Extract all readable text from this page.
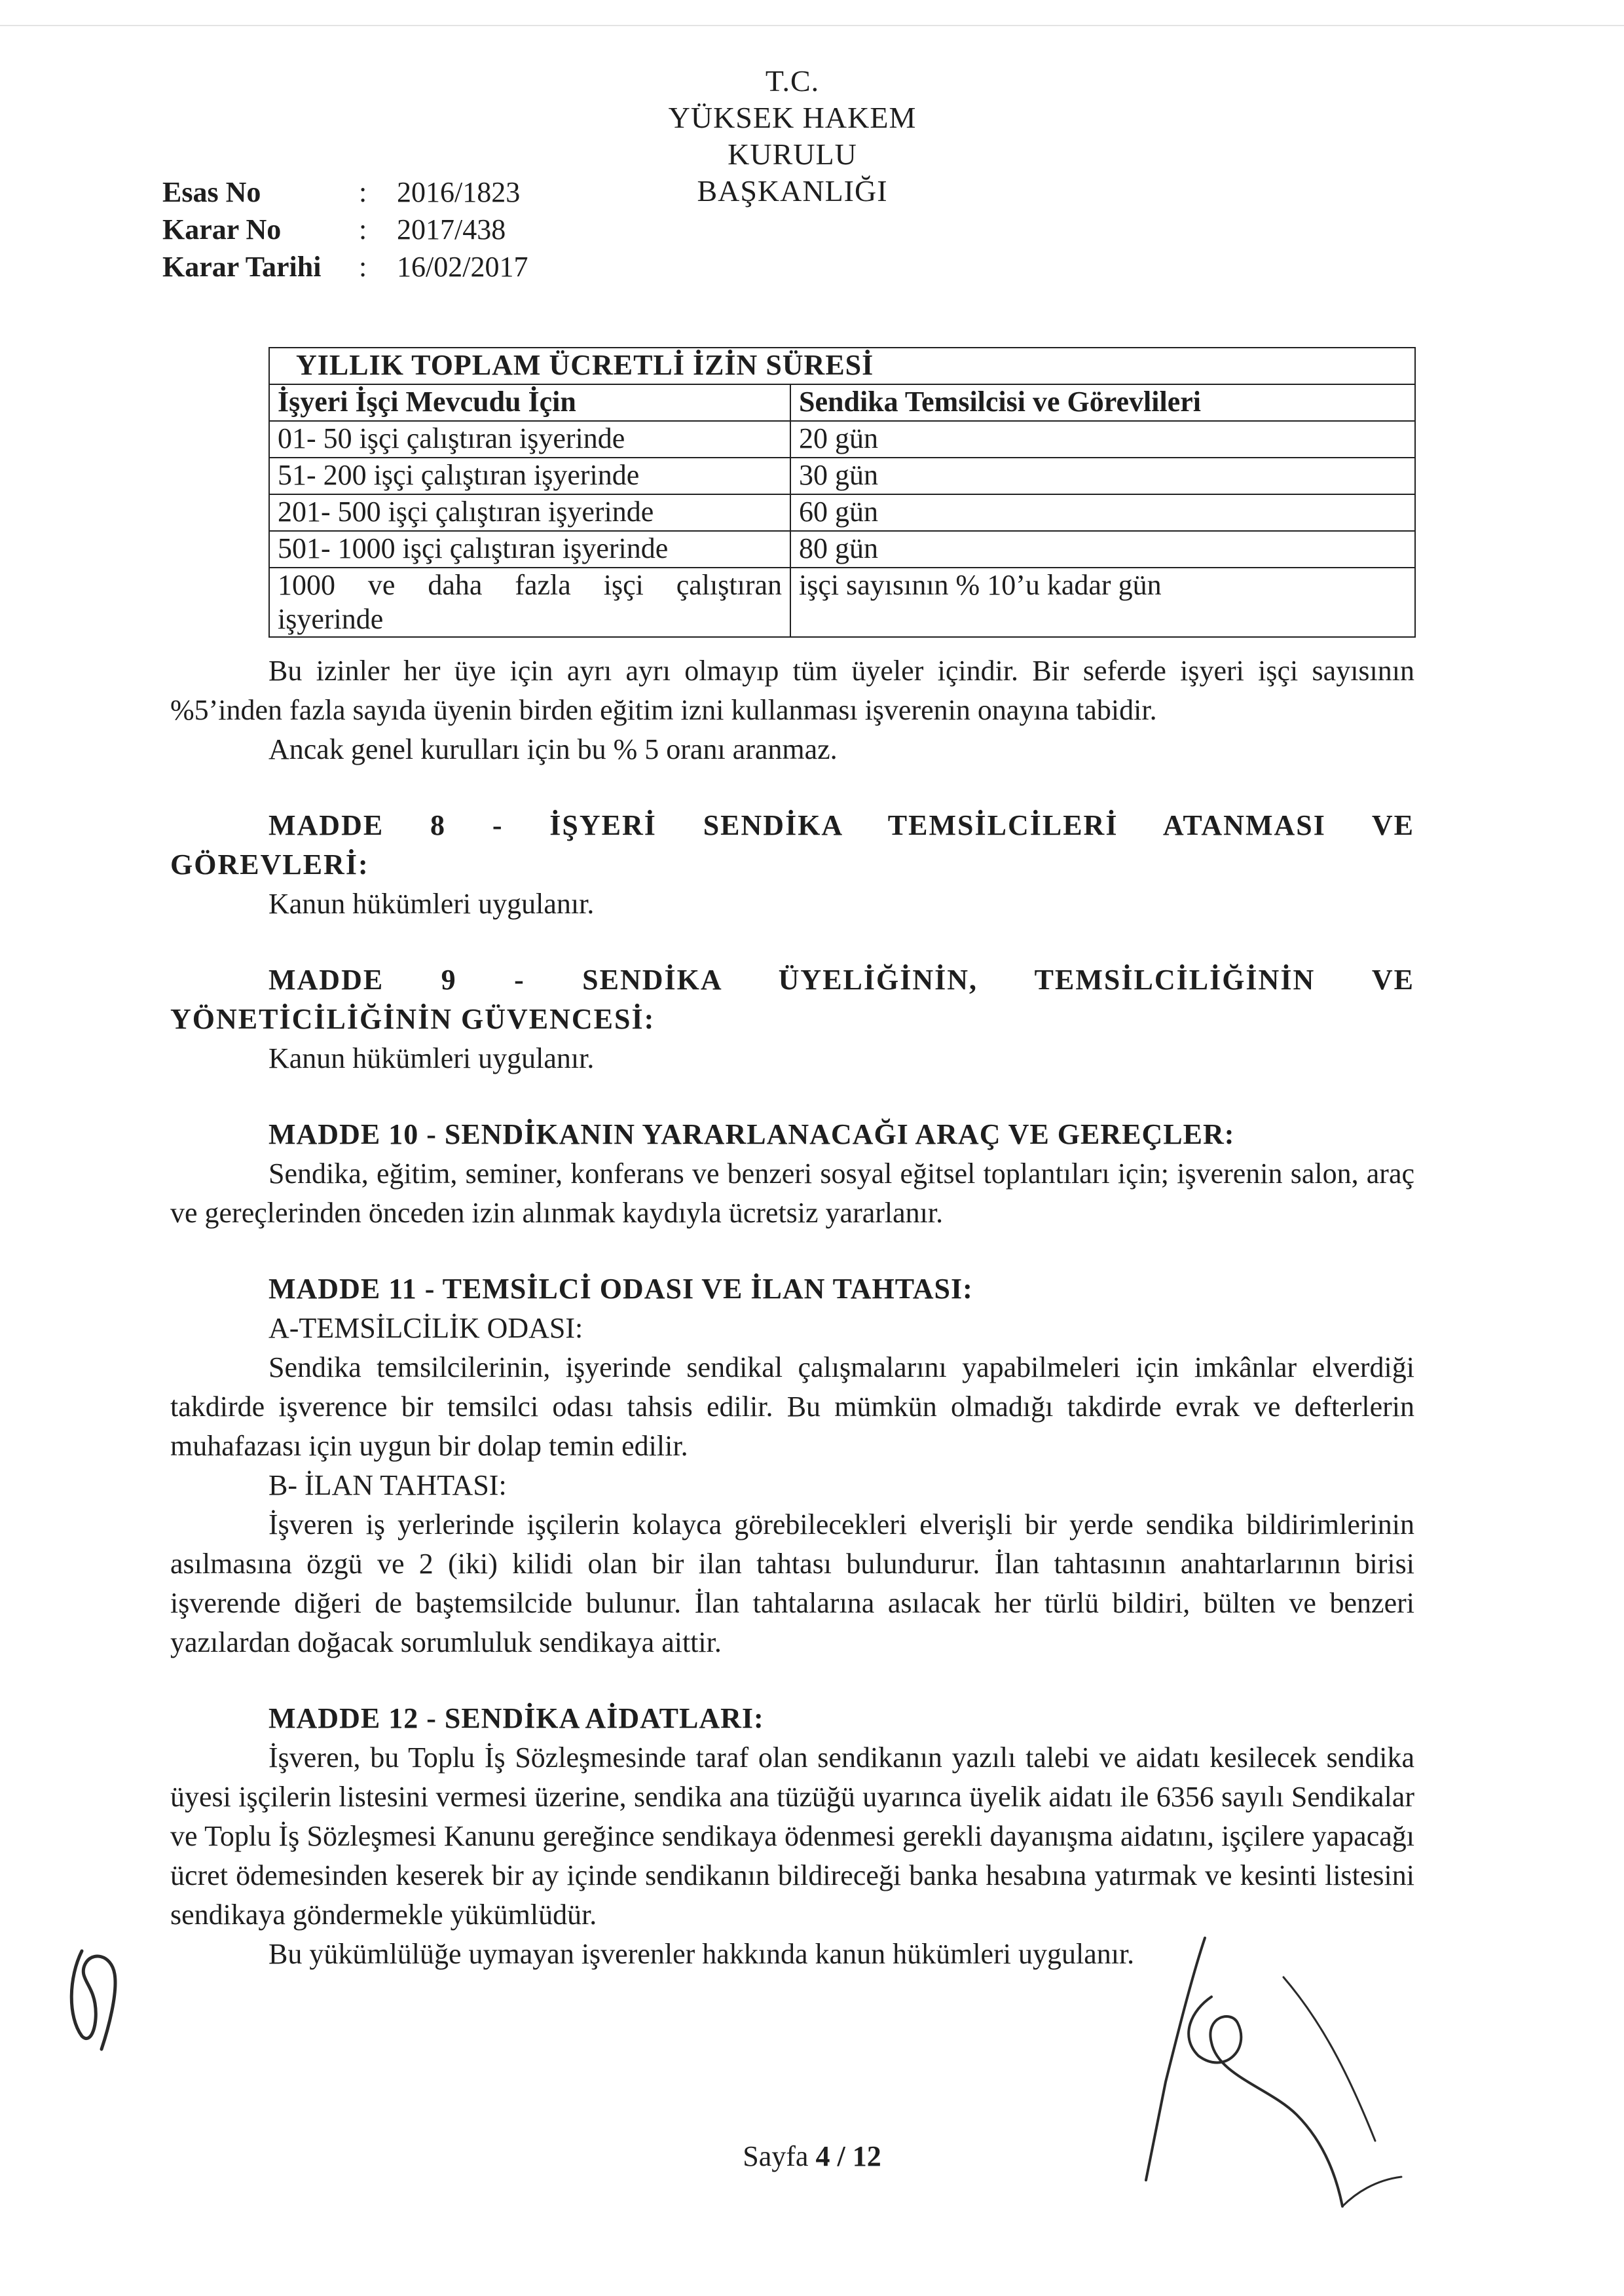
T.C.
YÜKSEK HAKEM KURULU
BAŞKANLIĞI
Esas No	:	2016/1823
Karar No	:	2017/438
Karar Tarihi	:	16/02/2017
YILLIK TOPLAM ÜCRETLİ İZİN SÜRESİ	
İşyeri İşçi Mevcudu İçin	Sendika Temsilcisi ve Görevlileri
01- 50 işçi çalıştıran işyerinde	20 gün
51- 200 işçi çalıştıran işyerinde	30 gün
201- 500 işçi çalıştıran işyerinde	60 gün
501- 1000 işçi çalıştıran işyerinde	80 gün

1000 ve daha fazla işçi çalıştıran
işyerinde	işçi sayısının % 10’u kadar gün

Bu izinler her üye için ayrı ayrı olmayıp tüm üyeler içindir. Bir seferde işyeri işçi sayısının %5’inden fazla sayıda üyenin birden eğitim izni kullanması işverenin onayına tabidir.

Ancak genel kurulları için bu % 5 oranı aranmaz.

MADDE 8 - İŞYERİ SENDİKA TEMSİLCİLERİ ATANMASI VE

GÖREVLERİ:

Kanun hükümleri uygulanır.

MADDE 9 - SENDİKA ÜYELİĞİNİN, TEMSİLCİLİĞİNİN VE

YÖNETİCİLİĞİNİN GÜVENCESİ:

Kanun hükümleri uygulanır.

MADDE 10 - SENDİKANIN YARARLANACAĞI ARAÇ VE GEREÇLER:

Sendika, eğitim, seminer, konferans ve benzeri sosyal eğitsel toplantıları için; işverenin salon, araç ve gereçlerinden önceden izin alınmak kaydıyla ücretsiz yararlanır.

MADDE 11 - TEMSİLCİ ODASI VE İLAN TAHTASI:

A-TEMSİLCİLİK ODASI:

Sendika temsilcilerinin, işyerinde sendikal çalışmalarını yapabilmeleri için imkânlar elverdiği takdirde işverence bir temsilci odası tahsis edilir. Bu mümkün olmadığı takdirde evrak ve defterlerin muhafazası için uygun bir dolap temin edilir.

B- İLAN TAHTASI:

İşveren iş yerlerinde işçilerin kolayca görebilecekleri elverişli bir yerde sendika bildirimlerinin asılmasına özgü ve 2 (iki) kilidi olan bir ilan tahtası bulundurur. İlan tahtasının anahtarlarının birisi işverende diğeri de baştemsilcide bulunur. İlan tahtalarına asılacak her türlü bildiri, bülten ve benzeri yazılardan doğacak sorumluluk sendikaya aittir.

MADDE 12 - SENDİKA AİDATLARI:

İşveren, bu Toplu İş Sözleşmesinde taraf olan sendikanın yazılı talebi ve aidatı kesilecek sendika üyesi işçilerin listesini vermesi üzerine, sendika ana tüzüğü uyarınca üyelik aidatı ile 6356 sayılı Sendikalar ve Toplu İş Sözleşmesi Kanunu gereğince sendikaya ödenmesi gerekli dayanışma aidatını, işçilere yapacağı ücret ödemesinden keserek bir ay içinde sendikanın bildireceği banka hesabına yatırmak ve kesinti listesini sendikaya göndermekle yükümlüdür.

Bu yükümlülüğe uymayan işverenler hakkında kanun hükümleri uygulanır.

Sayfa 4 / 12
